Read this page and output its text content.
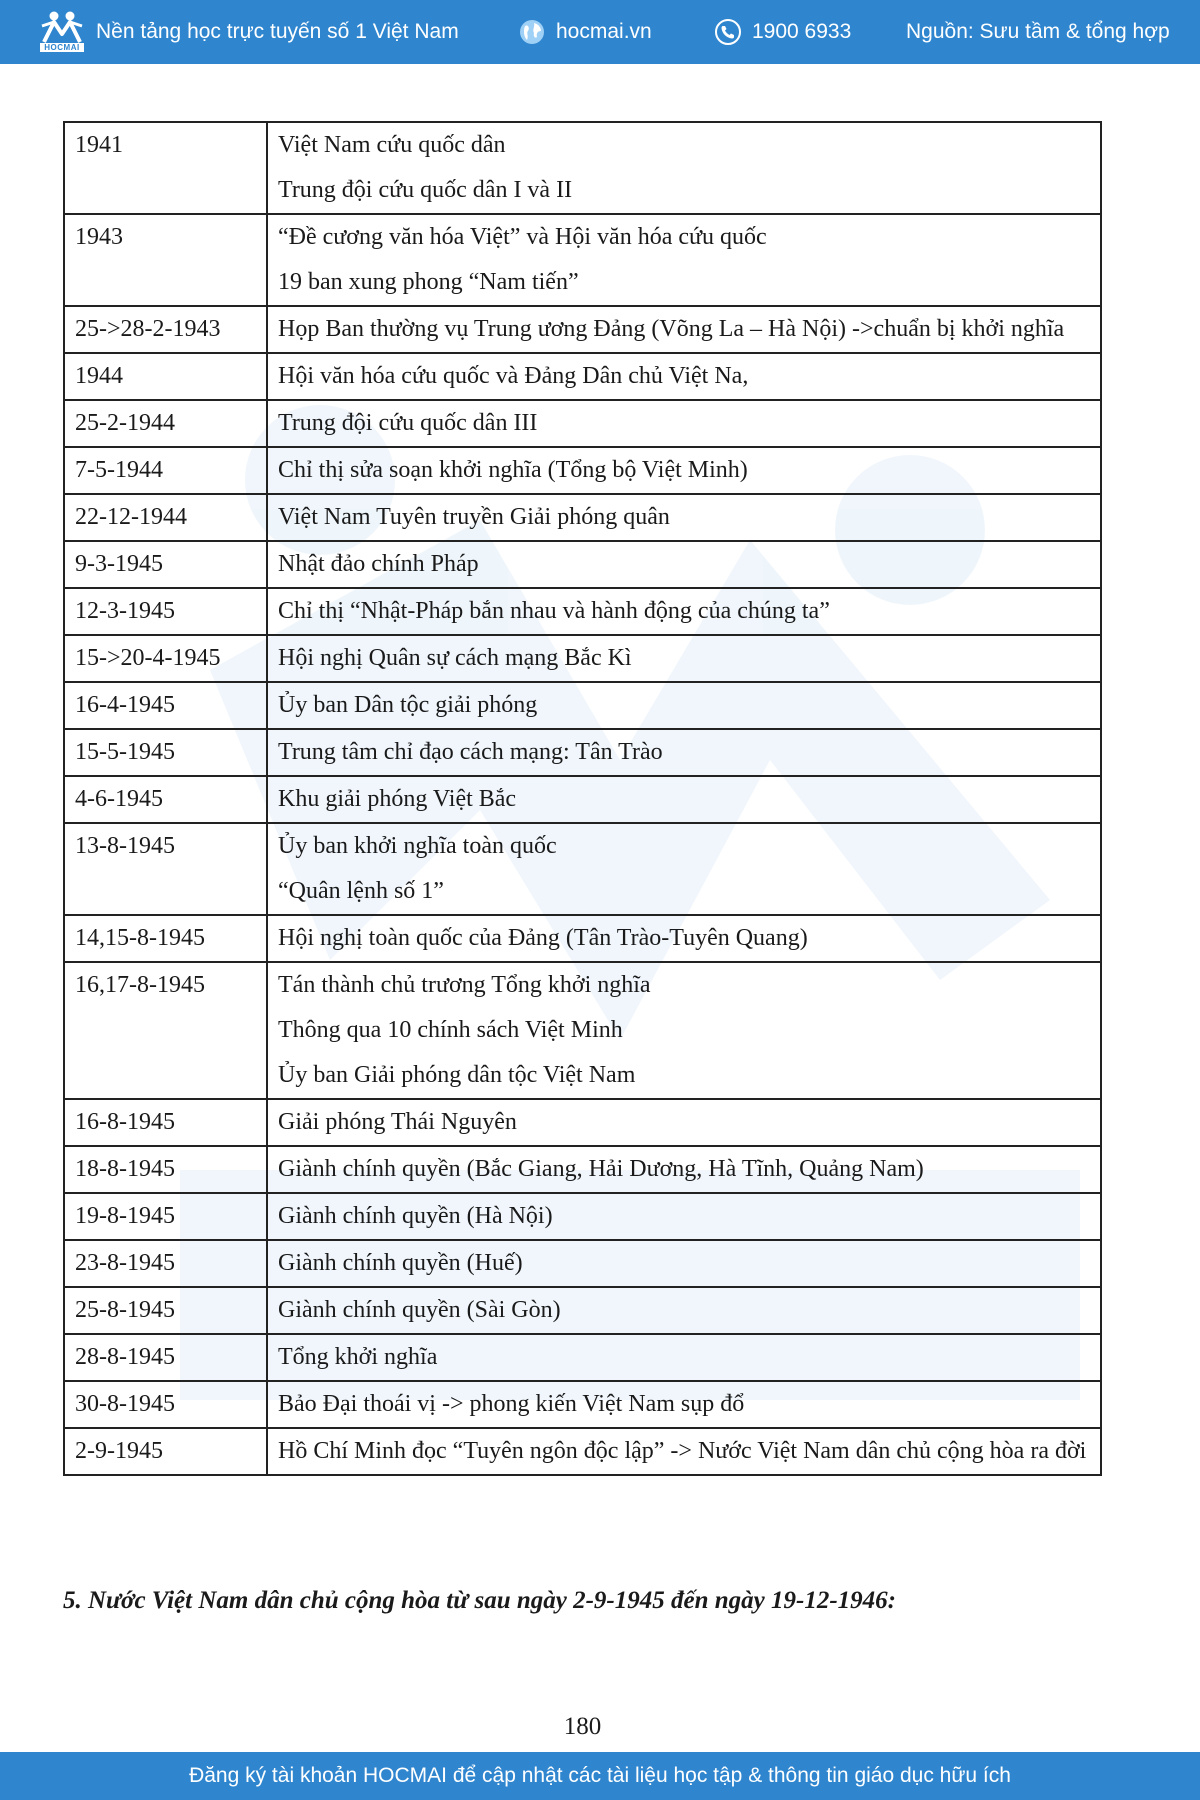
HOCMAI
Nền tảng học trực tuyến số 1 Việt Nam	hocmai.vn	1900 6933	Nguồn: Sưu tầm & tổng hợp
1941	Việt Nam cứu quốc dân
Trung đội cứu quốc dân I và II

1943	“Đề cương văn hóa Việt” và Hội văn hóa cứu quốc
19 ban xung phong “Nam tiến”

25->28-2-1943	Họp Ban thường vụ Trung ương Đảng (Võng La – Hà Nội) ->chuẩn bị khởi nghĩa

1944	Hội văn hóa cứu quốc và Đảng Dân chủ Việt Na,

25-2-1944	Trung đội cứu quốc dân III

7-5-1944	Chỉ thị sửa soạn khởi nghĩa (Tổng bộ Việt Minh)

22-12-1944	Việt Nam Tuyên truyền Giải phóng quân

9-3-1945	Nhật đảo chính Pháp

12-3-1945	Chỉ thị “Nhật-Pháp bắn nhau và hành động của chúng ta”

15->20-4-1945	Hội nghị Quân sự cách mạng Bắc Kì

16-4-1945	Ủy ban Dân tộc giải phóng

15-5-1945	Trung tâm chỉ đạo cách mạng: Tân Trào

4-6-1945	Khu giải phóng Việt Bắc

13-8-1945	Ủy ban khởi nghĩa toàn quốc
“Quân lệnh số 1”

14,15-8-1945	Hội nghị toàn quốc của Đảng (Tân Trào-Tuyên Quang)

16,17-8-1945	Tán thành chủ trương Tổng khởi nghĩa
Thông qua 10 chính sách Việt Minh
Ủy ban Giải phóng dân tộc Việt Nam

16-8-1945	Giải phóng Thái Nguyên

18-8-1945	Giành chính quyền (Bắc Giang, Hải Dương, Hà Tĩnh, Quảng Nam)

19-8-1945	Giành chính quyền (Hà Nội)

23-8-1945	Giành chính quyền (Huế)

25-8-1945	Giành chính quyền (Sài Gòn)

28-8-1945	Tổng khởi nghĩa

30-8-1945	Bảo Đại thoái vị -> phong kiến Việt Nam sụp đổ

2-9-1945	Hồ Chí Minh đọc “Tuyên ngôn độc lập” -> Nước Việt Nam dân chủ cộng hòa ra đời
5. Nước Việt Nam dân chủ cộng hòa từ sau ngày 2-9-1945 đến ngày 19-12-1946:
180
Đăng ký tài khoản HOCMAI để cập nhật các tài liệu học tập & thông tin giáo dục hữu ích
